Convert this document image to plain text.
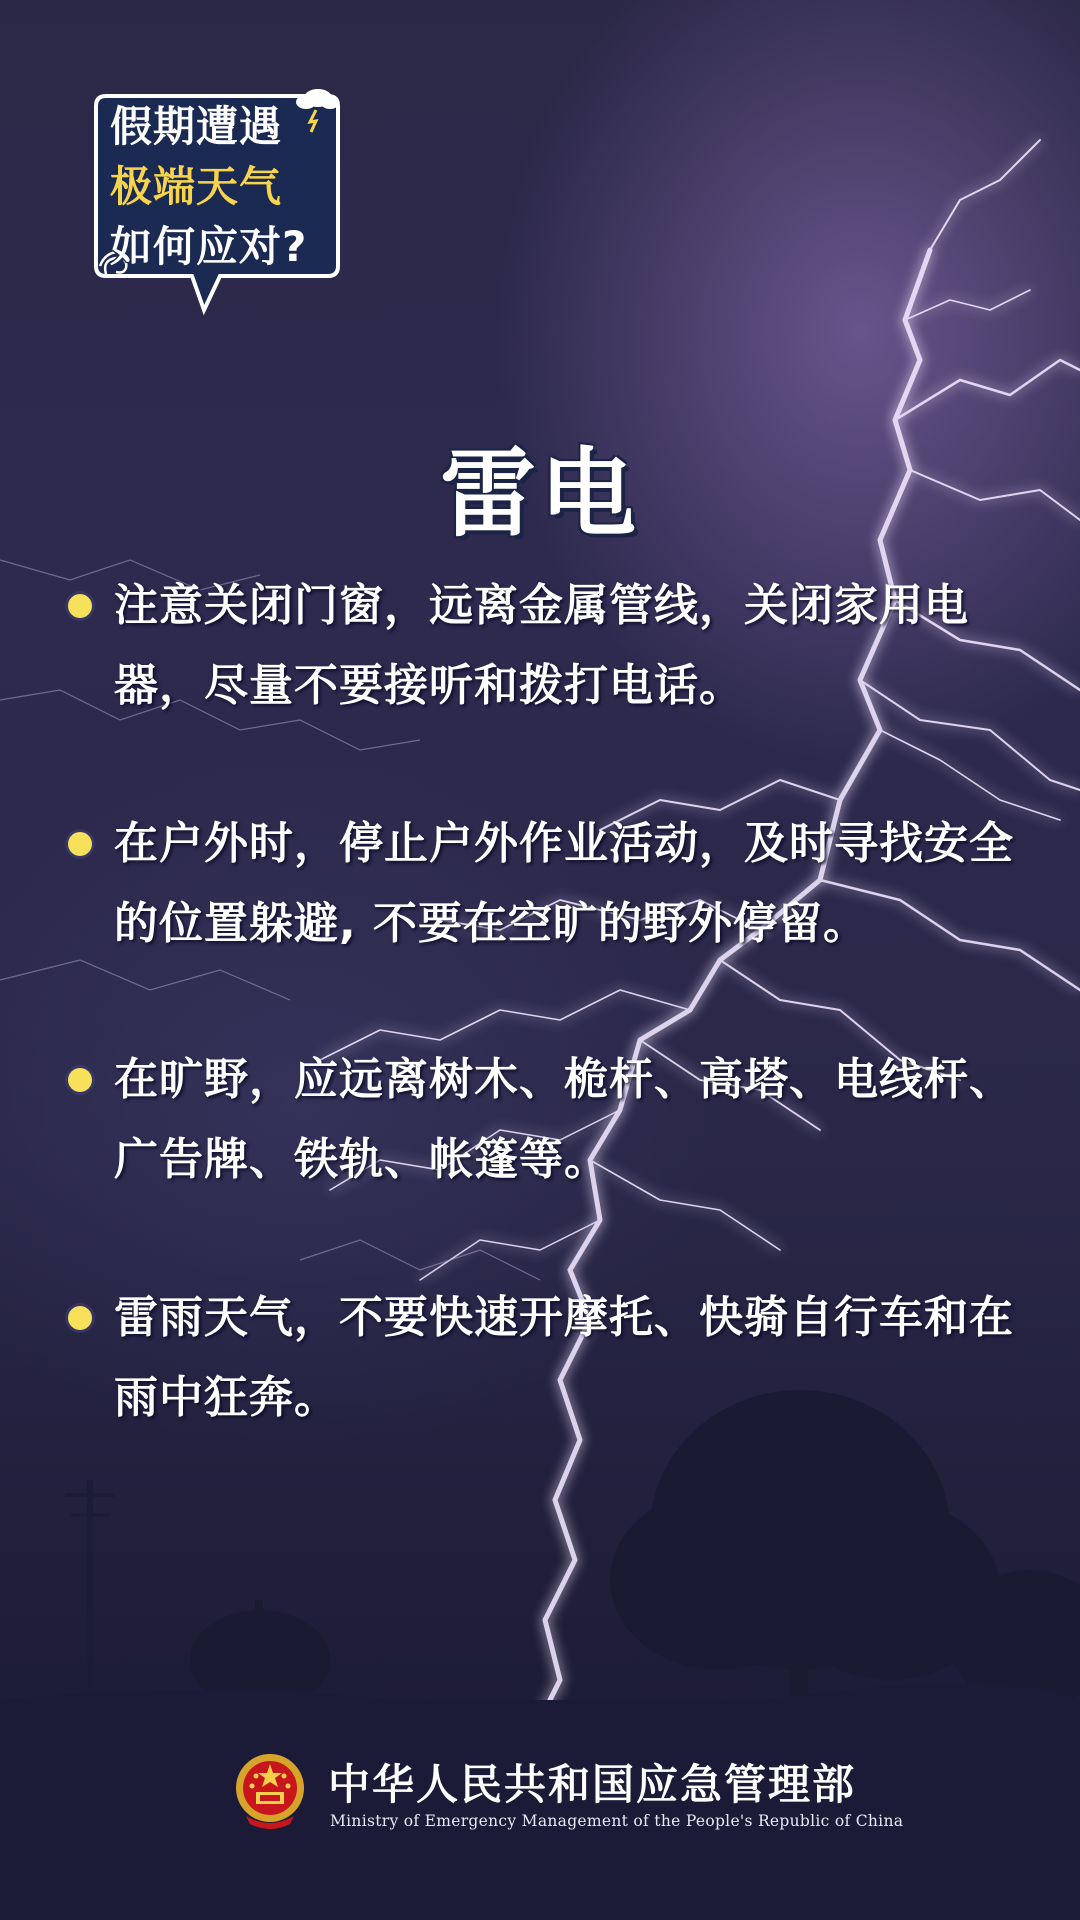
假期遭遇
极端天气
如何应对?
雷电
注意关闭门窗，远离金属管线，关闭家用电器，尽量不要接听和拨打电话。
在户外时，停止户外作业活动，及时寻找安全的位置躲避, 不要在空旷的野外停留。
在旷野，应远离树木、桅杆、高塔、电线杆、广告牌、铁轨、帐篷等。
雷雨天气，不要快速开摩托、快骑自行车和在雨中狂奔。
中华人民共和国应急管理部
Ministry of Emergency Management of the People's Republic of China
